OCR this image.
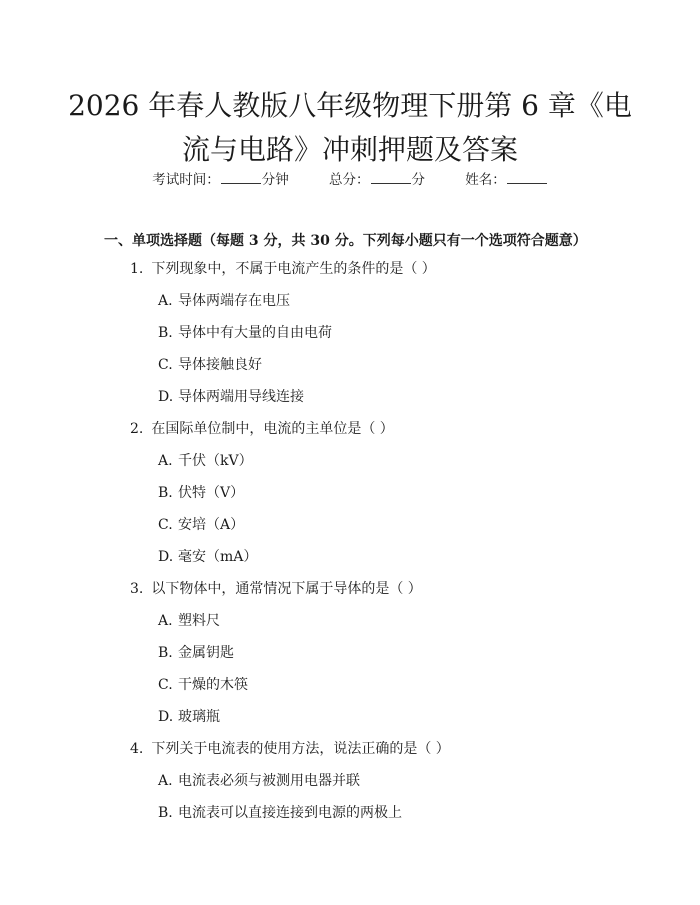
2026 年春人教版八年级物理下册第 6 章《电
流与电路》冲刺押题及答案
考试时间：	分钟	总分：	分	姓名：
一、单项选择题（每题 3 分，共 30 分。下列每小题只有一个选项符合题意）
1. 下列现象中，不属于电流产生的条件的是（ ）
A. 导体两端存在电压
B. 导体中有大量的自由电荷
C. 导体接触良好
D. 导体两端用导线连接
2. 在国际单位制中，电流的主单位是（ ）
A. 千伏（kV）
B. 伏特（V）
C. 安培（A）
D. 毫安（mA）
3. 以下物体中，通常情况下属于导体的是（ ）
A. 塑料尺
B. 金属钥匙
C. 干燥的木筷
D. 玻璃瓶
4. 下列关于电流表的使用方法，说法正确的是（ ）
A. 电流表必须与被测用电器并联
B. 电流表可以直接连接到电源的两极上
